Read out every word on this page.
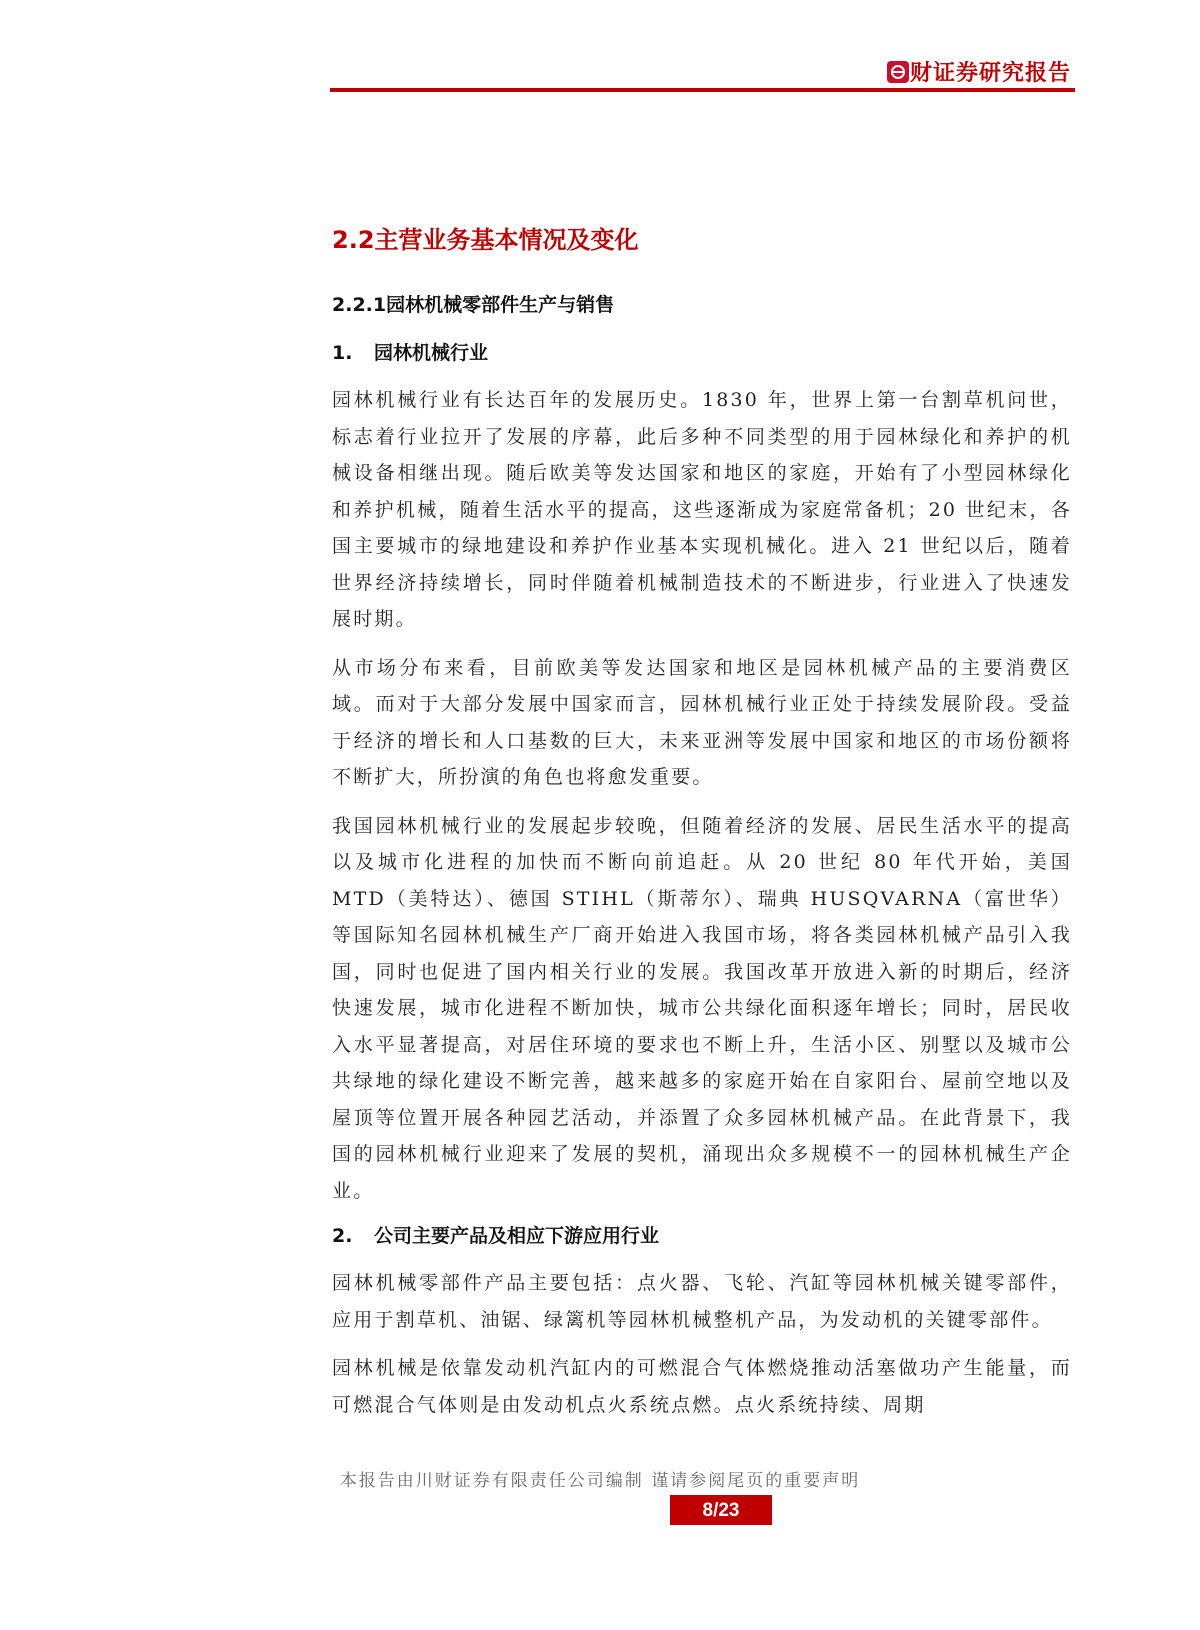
财证券研究报告
2.2主营业务基本情况及变化
2.2.1园林机械零部件生产与销售
1. 园林机械行业

园林机械行业有长达百年的发展历史。1830 年，世界上第一台割草机问世，标志着行业拉开了发展的序幕，此后多种不同类型的用于园林绿化和养护的机械设备相继出现。随后欧美等发达国家和地区的家庭，开始有了小型园林绿化和养护机械，随着生活水平的提高，这些逐渐成为家庭常备机；20 世纪末，各国主要城市的绿地建设和养护作业基本实现机械化。进入 21 世纪以后，随着世界经济持续增长，同时伴随着机械制造技术的不断进步，行业进入了快速发展时期。

从市场分布来看，目前欧美等发达国家和地区是园林机械产品的主要消费区域。而对于大部分发展中国家而言，园林机械行业正处于持续发展阶段。受益于经济的增长和人口基数的巨大，未来亚洲等发展中国家和地区的市场份额将不断扩大，所扮演的角色也将愈发重要。

我国园林机械行业的发展起步较晚，但随着经济的发展、居民生活水平的提高以及城市化进程的加快而不断向前追赶。从 20 世纪 80 年代开始，美国 MTD（美特达）、德国 STIHL（斯蒂尔）、瑞典 HUSQVARNA（富世华）等国际知名园林机械生产厂商开始进入我国市场，将各类园林机械产品引入我国，同时也促进了国内相关行业的发展。我国改革开放进入新的时期后，经济快速发展，城市化进程不断加快，城市公共绿化面积逐年增长；同时，居民收入水平显著提高，对居住环境的要求也不断上升，生活小区、别墅以及城市公共绿地的绿化建设不断完善，越来越多的家庭开始在自家阳台、屋前空地以及屋顶等位置开展各种园艺活动，并添置了众多园林机械产品。在此背景下，我国的园林机械行业迎来了发展的契机，涌现出众多规模不一的园林机械生产企业。

2. 公司主要产品及相应下游应用行业

园林机械零部件产品主要包括：点火器、飞轮、汽缸等园林机械关键零部件，应用于割草机、油锯、绿篱机等园林机械整机产品，为发动机的关键零部件。

园林机械是依靠发动机汽缸内的可燃混合气体燃烧推动活塞做功产生能量，而可燃混合气体则是由发动机点火系统点燃。点火系统持续、周期

本报告由川财证券有限责任公司编制 谨请参阅尾页的重要声明
8/23
